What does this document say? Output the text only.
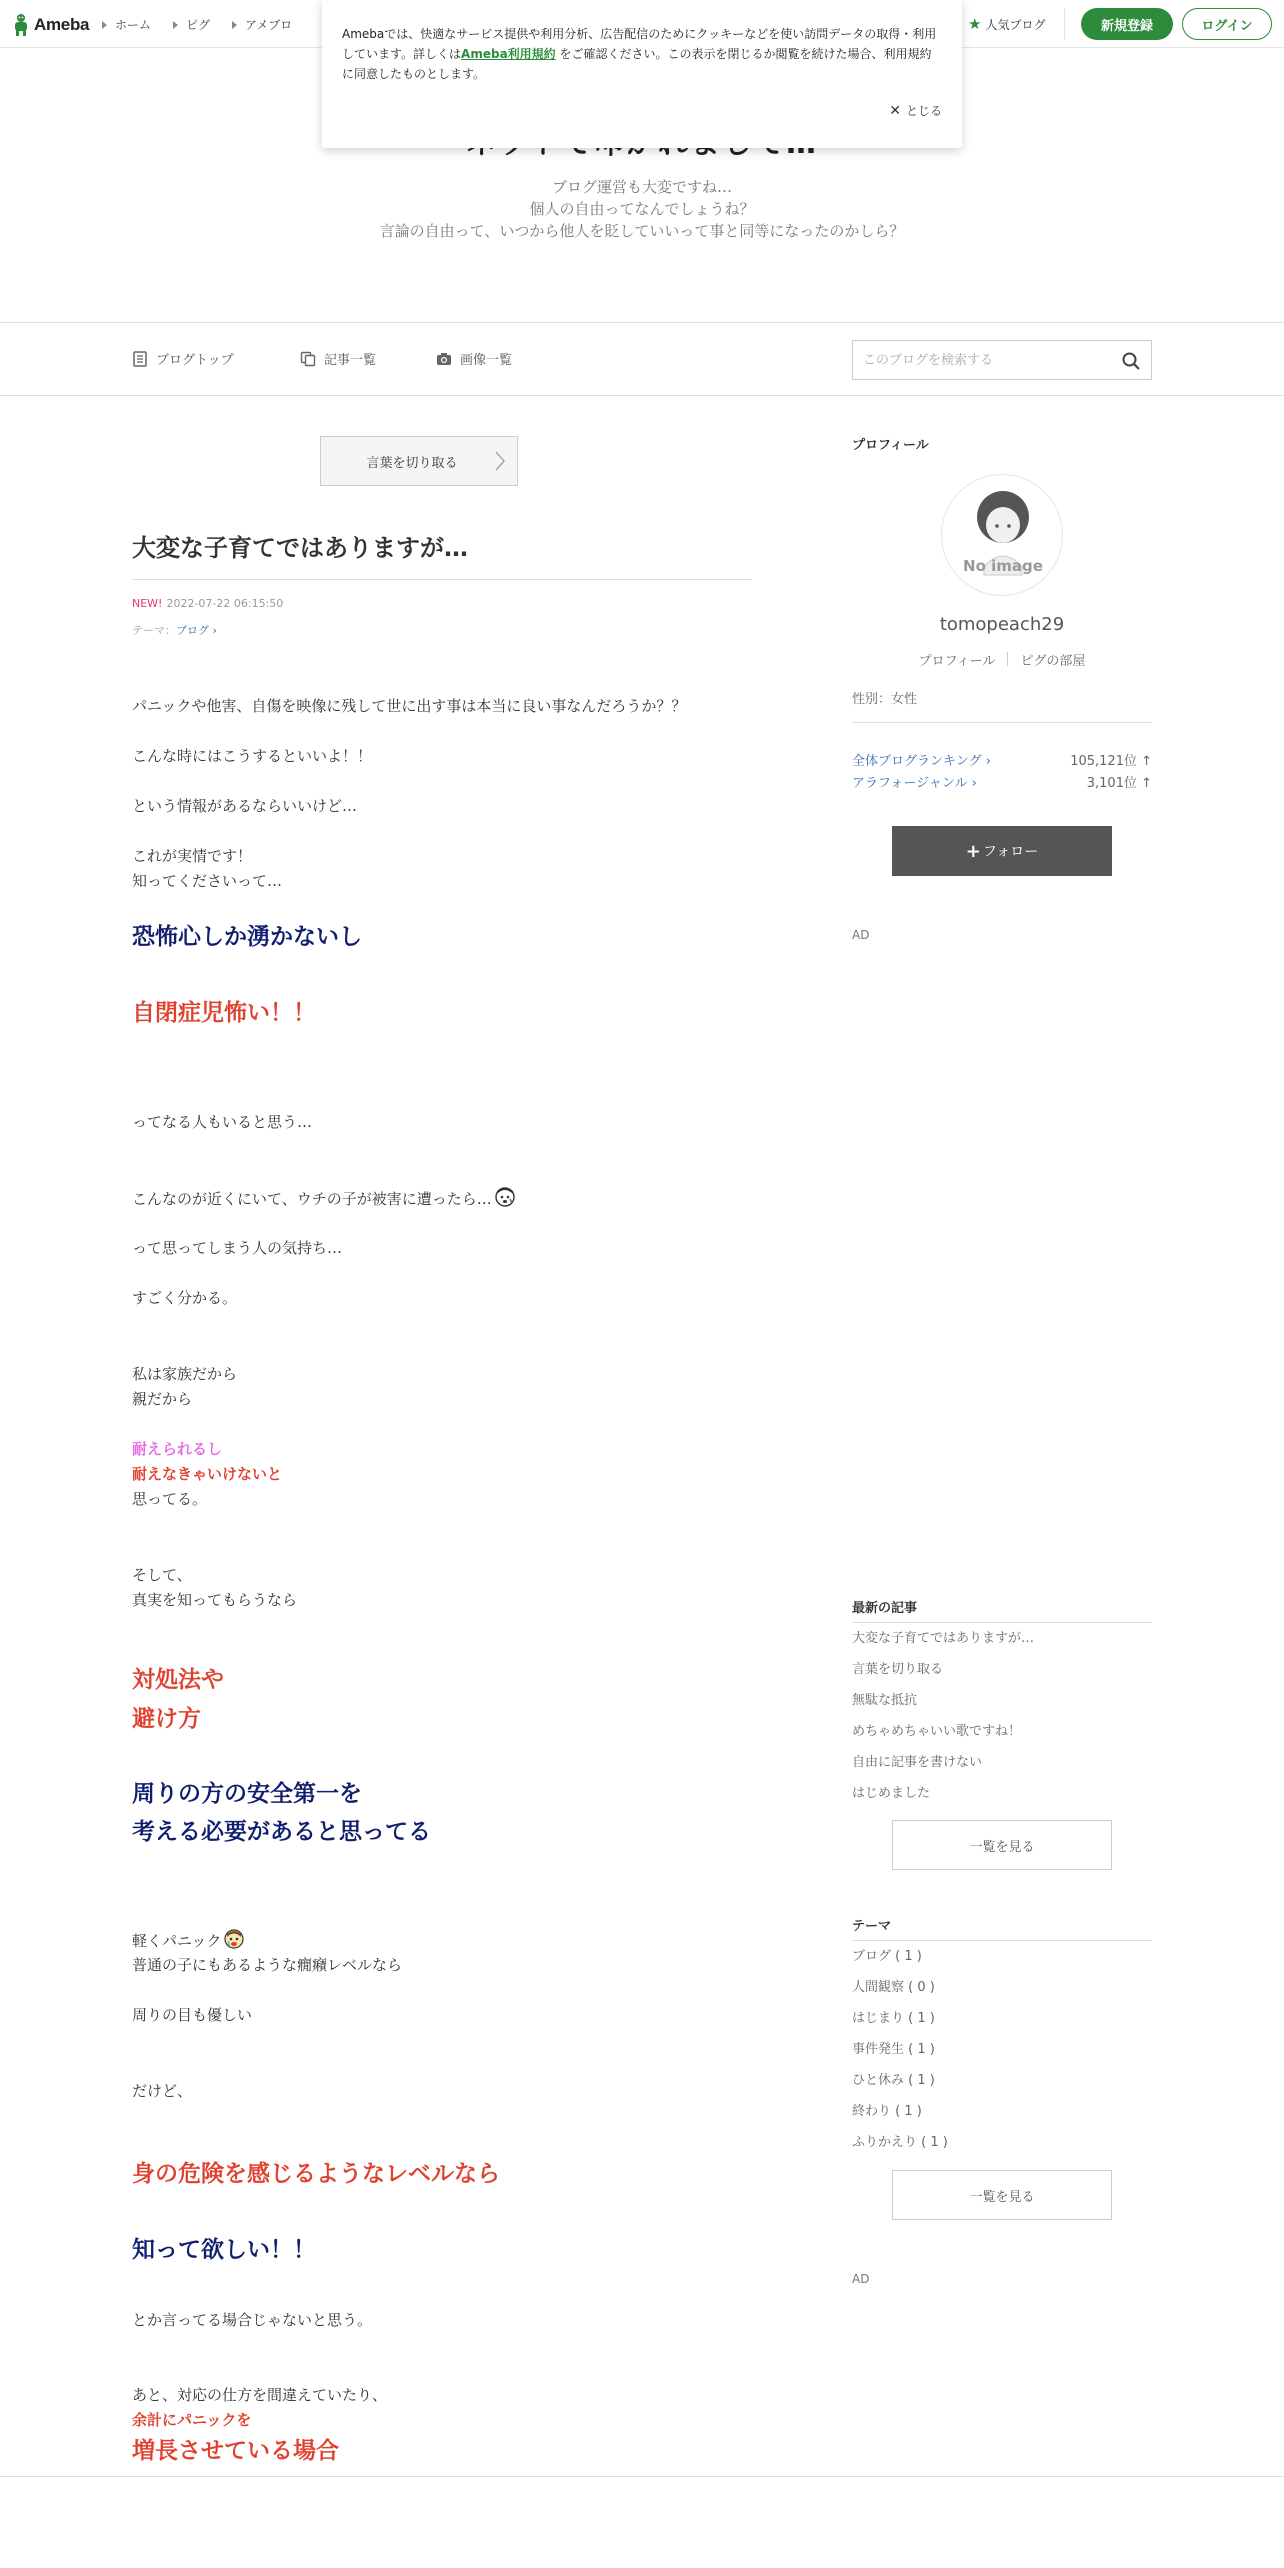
Ameba ホーム	ピグ	アメブロ	★ 人気ブログ	新規登録	ログイン
ブログ運営も大変ですね…
個人の自由ってなんでしょうね？
言論の自由って、いつから他人を貶していいって事と同等になったのかしら？
Amebaでは、快適なサービス提供や利用分析、広告配信のためにクッキーなどを使い訪問データの取得・利用しています。詳しくはAmeba利用規約 をご確認ください。この表示を閉じるか閲覧を続けた場合、利用規約に同意したものとします。
✕ とじる
ブログトップ	記事一覧	画像一覧
このブログを検索する
言葉を切り取る
大変な子育てではありますが…
NEW! 2022-07-22 06:15:50
テーマ：ブログ ›
パニックや他害、自傷を映像に残して世に出す事は本当に良い事なんだろうか？？
こんな時にはこうするといいよ！！
という情報があるならいいけど…
これが実情です！
知ってくださいって…
恐怖心しか湧かないし
自閉症児怖い！！
ってなる人もいると思う…
こんなのが近くにいて、ウチの子が被害に遭ったら…
って思ってしまう人の気持ち…
すごく分かる。
私は家族だから
親だから
耐えられるし
耐えなきゃいけないと
思ってる。
そして、
真実を知ってもらうなら
対処法や
避け方
周りの方の安全第一を
考える必要があると思ってる
軽くパニック
普通の子にもあるような癇癪レベルなら
周りの目も優しい
だけど、
身の危険を感じるようなレベルなら
知って欲しい！！
とか言ってる場合じゃないと思う。
あと、対応の仕方を間違えていたり、
余計にパニックを
増長させている場合
プロフィール
No image
tomopeach29
プロフィール ピグの部屋
性別：女性
全体ブログランキング ›	105,121位 ↑
アラフォージャンル ›	3,101位 ↑
+ フォロー
AD
最新の記事
大変な子育てではありますが…
言葉を切り取る
無駄な抵抗
めちゃめちゃいい歌ですね！
自由に記事を書けない
はじめました
一覧を見る
テーマ
ブログ ( 1 )
人間観察 ( 0 )
はじまり ( 1 )
事件発生 ( 1 )
ひと休み ( 1 )
終わり ( 1 )
ふりかえり ( 1 )
一覧を見る
AD
